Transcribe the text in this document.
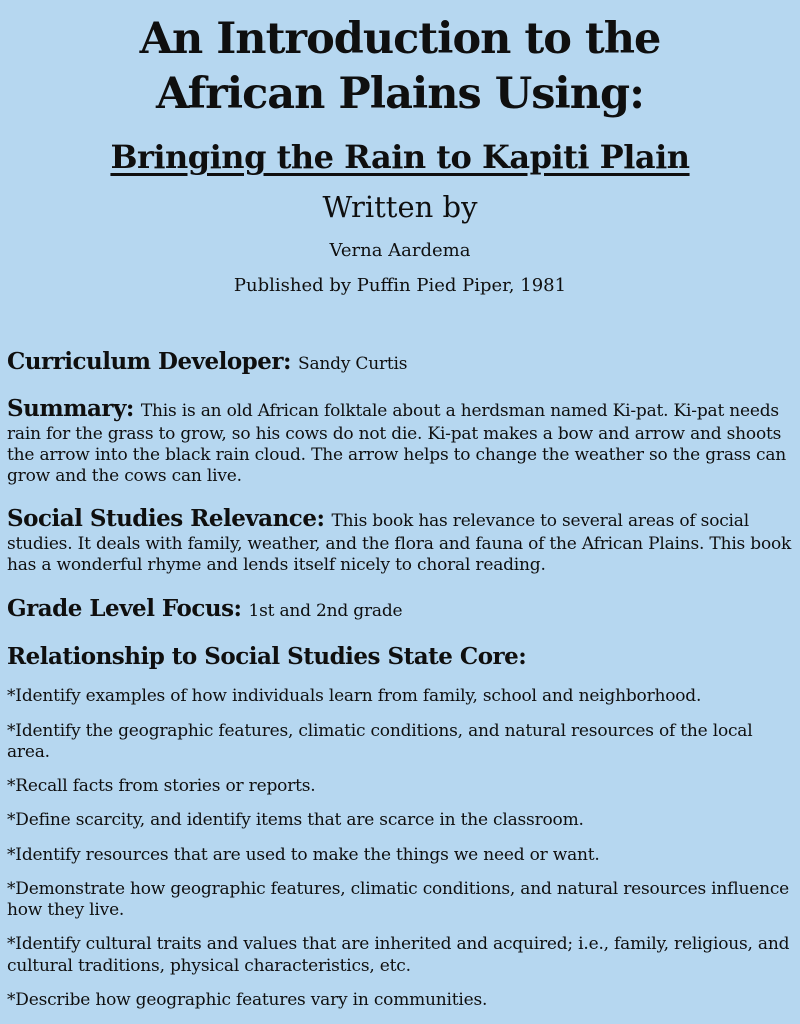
An Introduction to the
African Plains Using:
Bringing the Rain to Kapiti Plain
Written by
Verna Aardema
Published by Puffin Pied Piper, 1981

Curriculum Developer: Sandy Curtis

Summary: This is an old African folktale about a herdsman named Ki-pat. Ki-pat needs rain for the grass to grow, so his cows do not die. Ki-pat makes a bow and arrow and shoots the arrow into the black rain cloud. The arrow helps to change the weather so the grass can grow and the cows can live.

Social Studies Relevance: This book has relevance to several areas of social studies. It deals with family, weather, and the flora and fauna of the African Plains. This book has a wonderful rhyme and lends itself nicely to choral reading.

Grade Level Focus: 1st and 2nd grade

Relationship to Social Studies State Core:

*Identify examples of how individuals learn from family, school and neighborhood.

*Identify the geographic features, climatic conditions, and natural resources of the local area.

*Recall facts from stories or reports.

*Define scarcity, and identify items that are scarce in the classroom.

*Identify resources that are used to make the things we need or want.

*Demonstrate how geographic features, climatic conditions, and natural resources influence how they live.

*Identify cultural traits and values that are inherited and acquired; i.e., family, religious, and cultural traditions, physical characteristics, etc.

*Describe how geographic features vary in communities.
